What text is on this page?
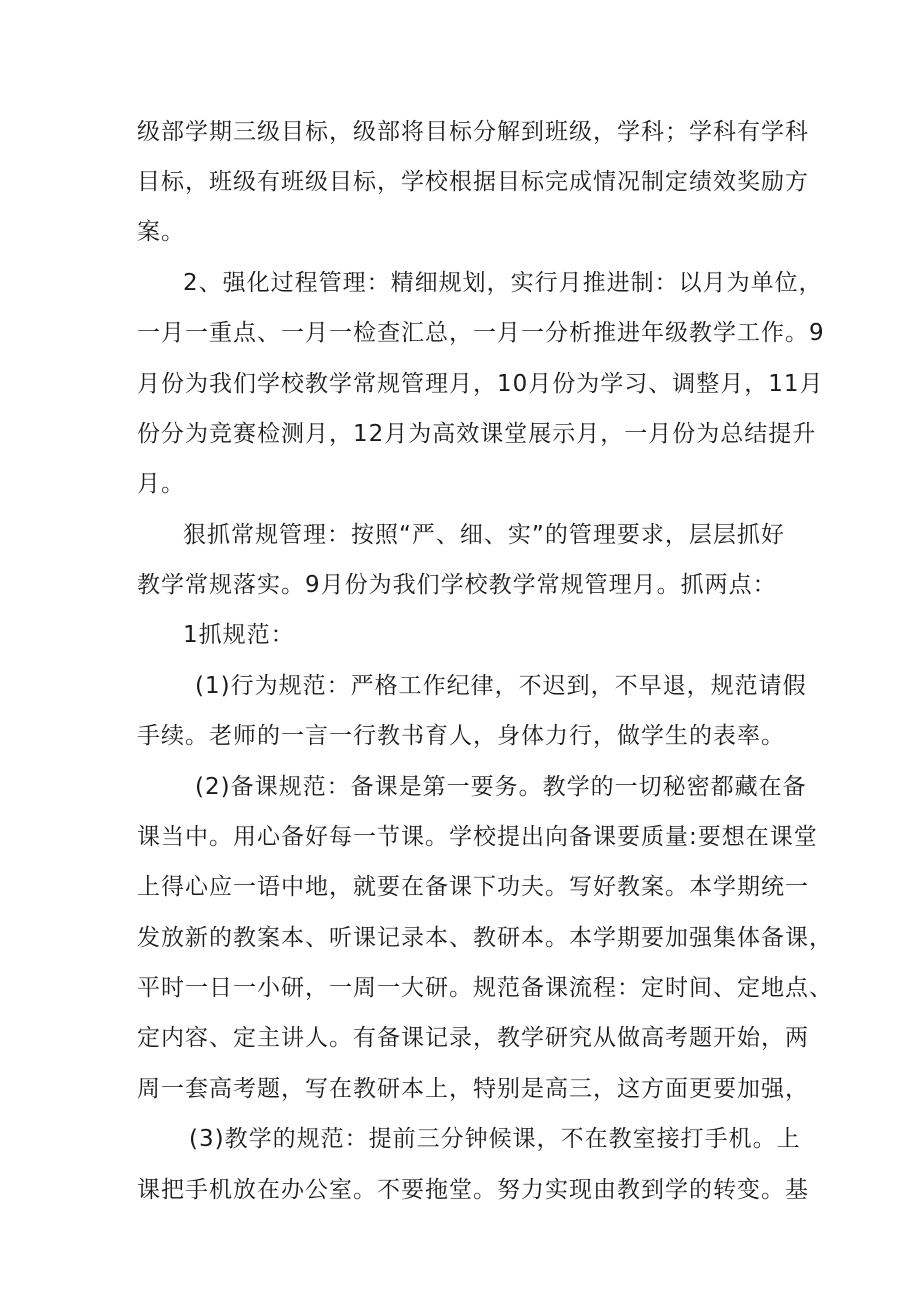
级部学期三级目标，级部将目标分解到班级，学科；学科有学科
目标，班级有班级目标，学校根据目标完成情况制定绩效奖励方
案。
2、强化过程管理：精细规划，实行月推进制：以月为单位，
一月一重点、一月一检查汇总，一月一分析推进年级教学工作。9
月份为我们学校教学常规管理月，10月份为学习、调整月，11月
份分为竞赛检测月，12月为高效课堂展示月，一月份为总结提升
月。
狠抓常规管理：按照“严、细、实”的管理要求，层层抓好
教学常规落实。9月份为我们学校教学常规管理月。抓两点：
1抓规范：
(1)行为规范：严格工作纪律，不迟到，不早退，规范请假
手续。老师的一言一行教书育人，身体力行，做学生的表率。
(2)备课规范：备课是第一要务。教学的一切秘密都藏在备
课当中。用心备好每一节课。学校提出向备课要质量:要想在课堂
上得心应一语中地，就要在备课下功夫。写好教案。本学期统一
发放新的教案本、听课记录本、教研本。本学期要加强集体备课，
平时一日一小研，一周一大研。规范备课流程：定时间、定地点、
定内容、定主讲人。有备课记录，教学研究从做高考题开始，两
周一套高考题，写在教研本上，特别是高三，这方面更要加强，
(3)教学的规范：提前三分钟候课，不在教室接打手机。上
课把手机放在办公室。不要拖堂。努力实现由教到学的转变。基
